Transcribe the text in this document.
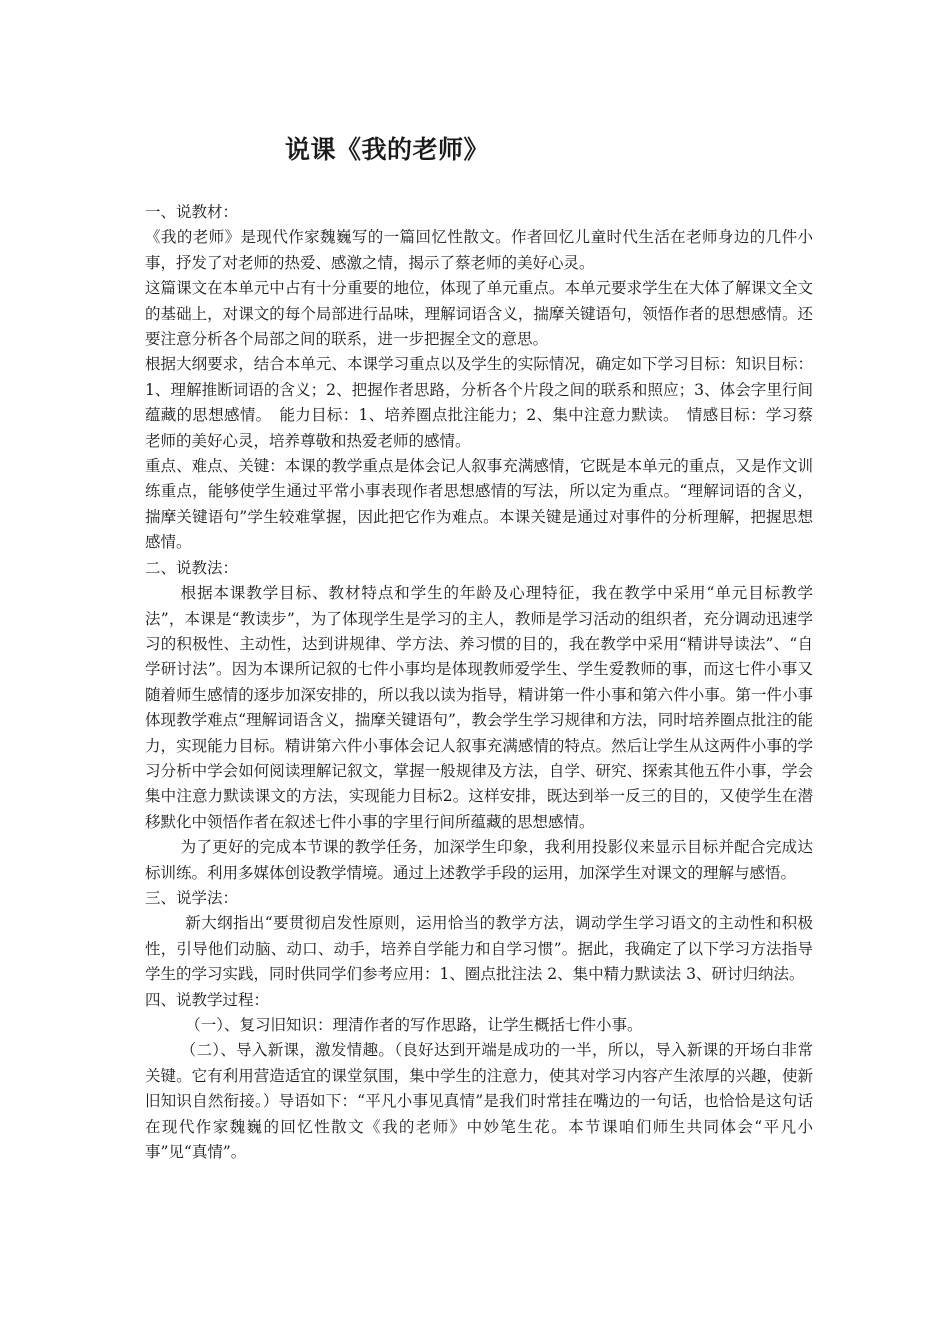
说课《我的老师》

一、说教材：

《我的老师》是现代作家魏巍写的一篇回忆性散文。作者回忆儿童时代生活在老师身边的几件小事，抒发了对老师的热爱、感激之情，揭示了蔡老师的美好心灵。

这篇课文在本单元中占有十分重要的地位，体现了单元重点。本单元要求学生在大体了解课文全文的基础上，对课文的每个局部进行品味，理解词语含义，揣摩关键语句，领悟作者的思想感情。还要注意分析各个局部之间的联系，进一步把握全文的意思。

根据大纲要求，结合本单元、本课学习重点以及学生的实际情况，确定如下学习目标：知识目标：1、理解推断词语的含义；2、把握作者思路，分析各个片段之间的联系和照应；3、体会字里行间蕴藏的思想感情。　能力目标：1、培养圈点批注能力；2、集中注意力默读。　情感目标：学习蔡老师的美好心灵，培养尊敬和热爱老师的感情。

重点、难点、关键：本课的教学重点是体会记人叙事充满感情，它既是本单元的重点，又是作文训练重点，能够使学生通过平常小事表现作者思想感情的写法，所以定为重点。“理解词语的含义，揣摩关键语句”学生较难掌握，因此把它作为难点。本课关键是通过对事件的分析理解，把握思想感情。

二、说教法：

根据本课教学目标、教材特点和学生的年龄及心理特征，我在教学中采用“单元目标教学法”，本课是“教读步”，为了体现学生是学习的主人，教师是学习活动的组织者，充分调动迅速学习的积极性、主动性，达到讲规律、学方法、养习惯的目的，我在教学中采用“精讲导读法”、“自学研讨法”。因为本课所记叙的七件小事均是体现教师爱学生、学生爱教师的事，而这七件小事又随着师生感情的逐步加深安排的，所以我以读为指导，精讲第一件小事和第六件小事。第一件小事体现教学难点“理解词语含义，揣摩关键语句”，教会学生学习规律和方法，同时培养圈点批注的能力，实现能力目标。精讲第六件小事体会记人叙事充满感情的特点。然后让学生从这两件小事的学习分析中学会如何阅读理解记叙文，掌握一般规律及方法，自学、研究、探索其他五件小事，学会集中注意力默读课文的方法，实现能力目标2。这样安排，既达到举一反三的目的，又使学生在潜移默化中领悟作者在叙述七件小事的字里行间所蕴藏的思想感情。

为了更好的完成本节课的教学任务，加深学生印象，我利用投影仪来显示目标并配合完成达标训练。利用多媒体创设教学情境。通过上述教学手段的运用，加深学生对课文的理解与感悟。

三、说学法：

新大纲指出“要贯彻启发性原则，运用恰当的教学方法，调动学生学习语文的主动性和积极性，引导他们动脑、动口、动手，培养自学能力和自学习惯”。据此，我确定了以下学习方法指导学生的学习实践，同时供同学们参考应用：1、圈点批注法 2、集中精力默读法 3、研讨归纳法。

四、说教学过程：

（一）、复习旧知识：理清作者的写作思路，让学生概括七件小事。

（二）、导入新课，激发情趣。（良好达到开端是成功的一半，所以，导入新课的开场白非常关键。它有利用营造适宜的课堂氛围，集中学生的注意力，使其对学习内容产生浓厚的兴趣，使新旧知识自然衔接。）导语如下：“平凡小事见真情”是我们时常挂在嘴边的一句话，也恰恰是这句话在现代作家魏巍的回忆性散文《我的老师》中妙笔生花。本节课咱们师生共同体会“平凡小事”见“真情”。
